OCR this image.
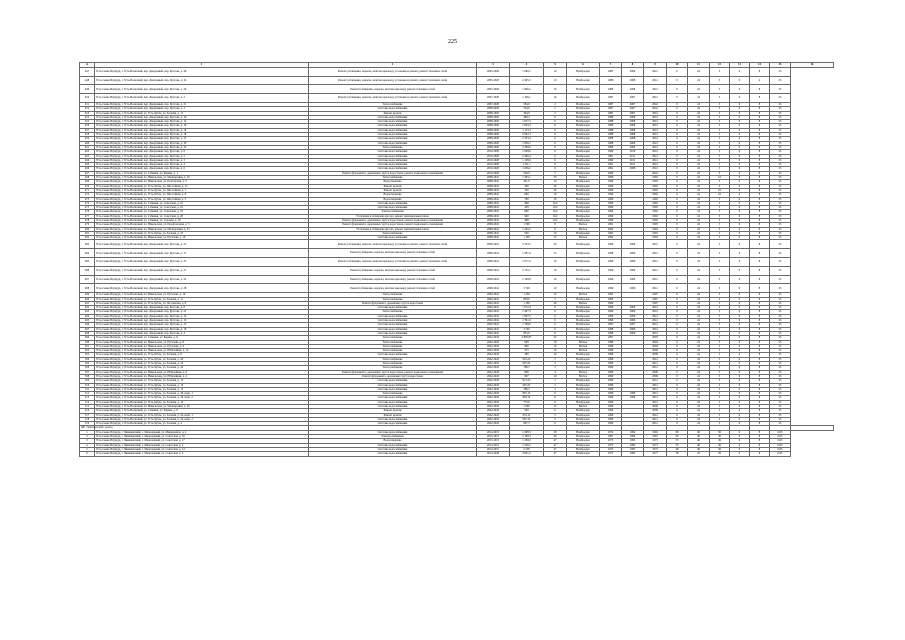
225
A	1	2	3	4	5	6	7	8	9	10	11	12	13	14	15	16
447	Усть-Сыны Изумруд, г. Усть-Волжский, пер. Дворцовый, пер. Кустова, д. 46	Ремонт (облицовка, окраска, монтаж крыльца), установка и ремонт, ремонт тепловых сетей	2005-2020	1 060,1	10	Ноябрь/дек	1985	2006	2041	0	24	3	0	8	25	
448	Усть-Сыны Изумруд, г. Усть-Волжский, пер. Дворцовый, пер. Кустова, д. 24	Ремонт (облицовка, окраска, монтаж крыльца), установка и ремонт, ремонт тепловых сетей	2005-2020	2 495,3	10	Ноябрь/дек	1986	2008	2041	0	24	3	0	4	25	
449	Усть-Сыны Изумруд, г. Усть-Волжский, пер. Дворцовый, пер. Кустова, д. 26	Ремонт (облицовка, окраска, монтаж крыльца), ремонт тепловых сетей	2005-2020	1 996,2	10	Ноябрь/дек	1986	2008	2041	0	24	3	0	8	25	
450	Усть-Сыны Изумруд, г. Усть-Волжский, пер. Дворцовый, пер. Кустова, д. 2	Ремонт (облицовка, окраска, монтаж крыльца), установка и ремонт, ремонт тепловых сетей	2007-2020	1 106,1	10	Ноябрь/дек	1987	2007	2041	0	24	3	0	8	25	
451	Усть-Сыны Изумруд, г. Усть-Волжский, пер. Дворцовый, пер. Кустова, д. 21	Теплоснабжение	2007-2020	584,0	2	Ноябрь/дек	1987	2007	2042	0	24	3	0	8	25	
452	Усть-Сыны Изумруд, г. Усть-Волжский, пер. Дворцовый, пер. Кустова, д. 3	Системы водоснабжения	2008-2020	794,6	3	Ноябрь/дек	1987	2007	2042	0	24	3	0	8	25	
453	Усть-Сыны Изумруд, г. Усть-Волжский, ул. Усть-Хубль, ул. Зеленая, д. 11	Ремонт кровли	2008-2020	364,9	3	Ноябрь/дек	1987	2007	2041	0	24	3	0	8	25	
454	Усть-Сыны Изумруд, г. Усть-Волжский, пер. Дворцовый, пер. Кустова, д. 10	Системы водоснабжения	2008-2020	480,4	6	Ноябрь/дек	1988	2008	2041	0	24	3	0	8	25	
455	Усть-Сыны Изумруд, г. Усть-Волжский, пер. Дворцовый, пер. Кустова, д. 14	Системы водоснабжения	2008-2020	1 057,3	6	Ноябрь/дек	1988	2008	2041	0	24	3	0	8	25	
456	Усть-Сыны Изумруд, г. Усть-Волжский, пер. Дворцовый, пер. Кустова, д. 16	Системы водоснабжения	2008-2020	1 063,2	6	Ноябрь/дек	1989	2008	2041	0	24	3	0	8	25	
457	Усть-Сыны Изумруд, г. Усть-Волжский, пер. Дворцовый, пер. Кустова, д. 14	Системы водоснабжения	2008-2020	1 113,4	6	Ноябрь/дек	1988	2008	2041	0	24	3	0	8	25	
458	Усть-Сыны Изумруд, г. Усть-Волжский, пер. Дворцовый, пер. Кустова, д. 18	Системы водоснабжения	2008-2020	2 092,3	6	Ноябрь/дек	1988	2008	2041	0	24	3	0	8	25	
459	Усть-Сыны Изумруд, г. Усть-Волжский, пер. Дворцовый, пер. Кустова, д. 25	Системы водоснабжения	2008-2020	2 353,4	6	Ноябрь/дек	1988	2008	2041	0	24	3	0	8	25	
460	Усть-Сыны Изумруд, г. Усть-Волжский, пер. Дворцовый, пер. Кустова, д. 30	Системы водоснабжения	2008-2020	1 836,1	6	Ноябрь/дек	1988	2008	2041	0	24	3	0	8	25	
461	Усть-Сыны Изумруд, г. Усть-Волжский, пер. Дворцовый, пер. Кустова, д. 31	Теплоснабжение	2008-2020	2 298,0	6	Ноябрь/дек	1989	2009	2041	0	24	3	0	8	25	
462	Усть-Сыны Изумруд, г. Усть-Волжский, пер. Дворцовый, пер. Кустова, д. 8	Системы водоснабжения	2010-2020	1 008,6	6	Ноябрь/дек	1990	2010	2041	0	24	3	0	8	25	
463	Усть-Сыны Изумруд, г. Усть-Волжский, пер. Дворцовый, пер. Кустова, д. 5	Системы водоснабжения	2010-2020	2 496,4	6	Ноябрь/дек	1991	2011	2041	0	24	3	0	8	25	
464	Усть-Сыны Изумруд, г. Усть-Волжский, пер. Дворцовый, пер. Кустова, д. 3	Системы водоснабжения	2010-2020	1 128,6	6	Ноябрь/дек	1990	2011	2041	0	24	3	0	8	25	
465	Усть-Сыны Изумруд, г. Усть-Волжский, пер. Дворцовый, пер. Кустова, д. 4	Системы водоснабжения	2010-2020	1 311,1	6	Ноябрь/дек	1991	2011	2041	0	24	3	0	8	25	
466	Усть-Сыны Изумруд, г. Усть-Волжский, пер. Дворцовый, пер. Кустова, д. 6	Системы водоснабжения	2010-2020	1 006,2	6	Ноябрь/дек	1991	2008	2041	0	24	3	0	8	25	
467	Усть-Сыны Изумруд, г. Усть-Волжский, ул. Сабинки, ул. Фермы, д. 1	Ремонт фундамента, дренажных труб и водостоков, ремонт подвального помещения	2010-2020	526,0	3	Ноябрь/дек	1990		2042	0	24	3	0	8	25	
468	Усть-Сыны Изумруд, г. Усть-Волжский, пл. Никольская, ул. Мелиорации, д. 19	Теплоснабжение	2008-2041	1 305,1	33	Ветхое	1990		1992	0	24	16	0	8	25	
469	Усть-Сыны Изумруд, г. Усть-Волжский, пл. Никольская, ул. Полтавская, д. 3	Водоотведение	2008-2041	451,0	10	Ноябрь/дек	1990		1992	0	24	3	0	8	25	
470	Усть-Сыны Изумруд, г. Усть-Волжский, ул. Усть-Хубль, ул. Шоссейная, д. 12	Ремонт кровли	2008-2041	560	20	Ноябрь/дек	1990		1992	0	24	3	0	8	25	
471	Усть-Сыны Изумруд, г. Усть-Волжский, ул. Усть-Хубль, ул. Шоссейная, д. 7	Ремонт кровли	2008-2041	700	20	Ноябрь/дек	1990		1992	0	24	16	0	8	25	
472	Усть-Сыны Изумруд, г. Усть-Волжский, ул. Усть-Хубль, ул. Шоссейная, д. 8	Водоотведение	2008-2041	660	10	Ноябрь/дек	1990		1992	0	24	16	0	8	25	
473	Усть-Сыны Изумруд, г. Усть-Волжский, ул. Усть-Хубль, ул. Шоссейная, д. 5	Водоотведение	2008-2041	780	10	Ноябрь/дек	1990		1992	0	24	3	0	8	25	
474	Усть-Сыны Изумруд, г. Усть-Волжский, ул. Сабинки, ул. Советская, д. 10	Системы водоснабжения	2008-2041	498	10,2	Ноябрь/дек	1990		1992	0	24	3	0	8	25	
475	Усть-Сыны Изумруд, г. Усть-Волжский, ул. Сабинки, ул. Советская, д. 16	Системы водоснабжения	2008-2041	458	10,2	Ноябрь/дек	1990		1992	0	24	3	0	8	25	
476	Усть-Сыны Изумруд, г. Усть-Волжский, ул. Сабинки, ул. Советская, д. 18	Электроснабжение	2008-2041	680	10,2	Ноябрь/дек	1990		1992	0	24	3	0	8	25	
477	Усть-Сыны Изумруд, г. Усть-Волжский, ул. Сабинки, ул. Советская, д. 20	Утепление и облицовка фасада, ремонт межпанельных швов	2008-2041	940	10,2	Ноябрь/дек	1990		1992	0	24	3	0	8	25	
478	Усть-Сыны Изумруд, г. Усть-Волжский, ул. Сабинки, ул. Садовая, д. 10	Ремонт фундамента, дренажных труб и водостоков, ремонт подвального помещения	2008-2041	488	10,2	Ноябрь/дек	1990		1992	0	24	3	0	8	25	
479	Усть-Сыны Изумруд, г. Усть-Волжский, пл. Никольская, ул. Профсоюзная, д. 5	Ремонт фундамента, дренажных труб и водостоков, ремонт подвального помещения	2008-2041	1 300	8	Ветхое	1991		1993	0	24	3	0	8	25	
480	Усть-Сыны Изумруд, г. Усть-Волжский, пл. Никольская, ул. Мелиорации, д. 23	Утепление и облицовка фасада, ремонт межпанельных швов	2008-2041	1 245,5	8	Ветхое	1992		1993	0	24	3	0	8	25	
481	Усть-Сыны Изумруд, г. Усть-Волжский, ул. Усть-Хубль, ул. Зеленая, д. 25	Теплоснабжение	2008-2041	500	10	Ноябрь/дек	1992		1993	0	24	3	0	8	25	
482	Усть-Сыны Изумруд, г. Усть-Волжский, пл. Никольская, ул. Пугачева, д. 19	Системы водоснабжения	2008-2041	1 100	13	Ветхое	1992		1994	0	24	3	0	8	25	
483	Усть-Сыны Изумруд, г. Усть-Волжский, пер. Дворцовый, пер. Кустова, д. 25	Ремонт (облицовка, окраска, монтаж крыльца), установка и ремонт, ремонт тепловых сетей	2008-2041	3 763,5	20	Ноябрь/дек	1999	2006	2041	0	24	3	0	8	25	
484	Усть-Сыны Изумруд, г. Усть-Волжский, пер. Дворцовый, пер. Кустова, д. 17	Ремонт (облицовка, окраска, монтаж крыльца), ремонт тепловых сетей	2008-2041	1 087,4	15	Ноябрь/дек	1998	2006	2041	0	24	3	0	8	25	
485	Усть-Сыны Изумруд, г. Усть-Волжский, пер. Дворцовый, пер. Кустова, д. 23	Ремонт (облицовка, окраска, монтаж крыльца), установка и ремонт, ремонт тепловых сетей	2008-2041	1 077,4	10	Ноябрь/дек	1999	2006	2041	0	24	3	0	8	25	
486	Усть-Сыны Изумруд, г. Усть-Волжский, пер. Дворцовый, пер. Кустова, д. 21	Ремонт (облицовка, окраска, монтаж крыльца), ремонт тепловых сетей	2008-2041	2 152,1	10	Ноябрь/дек	1999	2006	2041	0	24	3	0	8	25	
487	Усть-Сыны Изумруд, г. Усть-Волжский, пер. Дворцовый, пер. Кустова, д. 22	Ремонт (облицовка, окраска, монтаж крыльца), ремонт тепловых сетей	2008-2041	2 198,8	10	Ноябрь/дек	1999	2006	2041	0	24	3	0	8	25	
488	Усть-Сыны Изумруд, г. Усть-Волжский, пер. Дворцовый, пер. Кустова, д. 28	Ремонт (облицовка, окраска, монтаж крыльца), ремонт тепловых сетей	2008-2041	3 748	10	Ноябрь/дек	1999	2006	2041	0	24	3	0	8	25	
489	Усть-Сыны Изумруд, г. Усть-Волжский, пл. Никольская, ул. Пугачева, д. 10	Теплоснабжение	2040-2041	1 230	10	Ветхое	1995		1997	0	24	3	0	8	25	
490	Усть-Сыны Изумруд, г. Усть-Волжский, ул. Усть-Хубль, ул. Зеленая, д. 11	Теплоснабжение	2040-2041	830,0	3	Ноябрь/дек	1995		1997	0	24	3	0	8	25	
491	Усть-Сыны Изумруд, г. Усть-Волжский, ул. Усть-Хубль, ул. Полтавская, д. 8	Ремонт фундамента, дренажных труб и водостоков	2040-2041	1 160	20	Ветхое	1996		1997	0	24	3	0	8	25	
492	Усть-Сыны Изумруд, г. Усть-Волжский, пер. Дворцовый, пер. Кустова, д. 8	Системы водоснабжения	2040-2041	1 072,4	6	Ноябрь/дек	1996	2006	2041	0	24	3	0	8	25	
493	Усть-Сыны Изумруд, г. Усть-Волжский, пер. Дворцовый, пер. Кустова, д. 21	Теплоснабжение	2040-2041	1 297,3	6	Ноябрь/дек	1996	2006	2041	0	24	3	0	8	25	
494	Усть-Сыны Изумруд, г. Усть-Волжский, пер. Дворцовый, пер. Кустова, д. 12	Системы водоснабжения	2040-2041	1 097,5	6	Ноябрь/дек	1996	2006	2041	0	24	3	0	8	25	
495	Усть-Сыны Изумруд, г. Усть-Волжский, пер. Дворцовый, пер. Кустова, д. 13	Системы водоснабжения	2040-2041	2 391,6	6	Ноябрь/дек	1996	2006	2041	0	24	3	0	8	25	
496	Усть-Сыны Изумруд, г. Усть-Волжский, пер. Дворцовый, пер. Кустова, д. 15	Системы водоснабжения	2040-2041	1 798,0	6	Ноябрь/дек	1997	2007	2041	0	24	3	0	8	25	
497	Усть-Сыны Изумруд, г. Усть-Волжский, пер. Дворцовый, пер. Кустова, д. 19	Системы водоснабжения	2040-2041	3 746	6	Ноябрь/дек	1998	2006	2041	0	24	3	0	8	25	
498	Усть-Сыны Изумруд, г. Усть-Волжский, пер. Дворцовый, пер. Кустова, д. 4	Системы водоснабжения	2040-2041	835,0	6	Ноябрь/дек	1998	2006	2041	0	24	3	0	8	25	
499	Усть-Сыны Изумруд, г. Усть-Волжский, ул. Сабинки, ул. Фермы, д. 6	Теплоснабжение	2042-2043	2 895,87	23	Ноябрь/дек	1997		2003	0	24	3	0	8	25	
500	Усть-Сыны Изумруд, г. Усть-Волжский, пл. Никольская, ул. Пугачева, д. 8	Теплоснабжение	2042-2043	998	10	Ветхое	1998		2004	0	24	3	0	8	25	
501	Усть-Сыны Изумруд, г. Усть-Волжский, пл. Никольская, ул. Пугачева, д. 9	Теплоснабжение	2042-2043	996	10	Ветхое	1998		2004	0	24	3	0	8	25	
502	Усть-Сыны Изумруд, г. Усть-Волжский, пл. Никольская, ул. Юбилейная, д. 12	Теплоснабжение	2042-2043	975	10	Ветхое	1998		2006	0	24	3	0	8	25	
503	Усть-Сыны Изумруд, г. Усть-Волжский, ул. Усть-Хубль, ул. Зеленая, д. 8	Системы водоснабжения	2042-2043	580	10	Ноябрь/дек	1998		2006	0	24	3	0	8	25	
504	Усть-Сыны Изумруд, г. Усть-Волжский, ул. Усть-Хубль, ул. Зеленая, д. 20	Теплоснабжение	2042-2043	916,23	3	Ноябрь/дек	1999		2012	0	24	3	0	8	25	
505	Усть-Сыны Изумруд, г. Усть-Волжский, ул. Усть-Хубль, ул. Зеленая, д. 22	Теплоснабжение	2042-2043	697,25	3	Ноябрь/дек	1999		2012	0	24	3	0	8	25	
506	Усть-Сыны Изумруд, г. Усть-Волжский, ул. Усть-Хубль, ул. Зеленая, д. 24	Теплоснабжение	2042-2043	786,5	3	Ноябрь/дек	1999		2012	0	24	3	0	8	25	
507	Усть-Сыны Изумруд, г. Усть-Волжский, пл. Никольская, ул. Юбилейная, д. 6	Ремонт фундамента, дренажных труб и водостоков, ремонт подвального помещения	2042-2043	996	4	Ветхое	1999		2006	0	24	3	0	8	25	
508	Усть-Сыны Изумруд, г. Усть-Волжский, пл. Никольская, ул. Юбилейная, д. 4	Ремонт фундамента, дренажных труб и водостоков	2042-2043	997	10	Ветхое	1999		2006	0	24	3	0	8	25	
509	Усть-Сыны Изумруд, г. Усть-Волжский, ул. Усть-Хубль, ул. Зеленая, д. 12	Системы водоснабжения	2042-2043	913,23	3	Ноябрь/дек	1999		2012	0	24	3	0	8	25	
510	Усть-Сыны Изумруд, г. Усть-Волжский, ул. Усть-Хубль, ул. Зеленая, д. 14	Системы водоснабжения	2042-2043	697,25	3	Ноябрь/дек	1999		2012	0	24	3	0	8	25	
511	Усть-Сыны Изумруд, г. Усть-Волжский, ул. Усть-Хубль, ул. Зеленая, д. 15	Системы водоснабжения	2042-2043	786,5	3	Ноябрь/дек	1999		2012	0	24	3	0	8	25	
512	Усть-Сыны Изумруд, г. Усть-Волжский, ул. Усть-Хубль, ул. Зеленая, д. 20, корп. 1	Теплоснабжение	2042-2043	897,15	6	Ноябрь/дек	1999	1999	2012	0	24	3	0	8	25	
513	Усть-Сыны Изумруд, г. Усть-Волжский, ул. Усть-Хубль, ул. Зеленая, д. 20, корп. 2	Системы водоснабжения	2042-2043	883,12	6	Ноябрь/дек	1999	1999	2012	0	24	3	0	8	25	
514	Усть-Сыны Изумруд, г. Усть-Волжский, ул. Усть-Хубль, ул. Зеленая, д. 16	Системы водоснабжения	2042-2043	773,6	6	Ноябрь/дек	1999		2012	0	24	3	0	8	25	
515	Усть-Сыны Изумруд, г. Усть-Волжский, пл. Никольская, ул. Мелиорации, д. 29	Системы водоснабжения	2042-2043	1 090	13	Ветхое	1999		2006	0	24	3	0	8	25	
516	Усть-Сыны Изумруд, г. Усть-Волжский, ул. Сабинки, ул. Фермы, д. 8	Ремонт кровли	2042-2043	500	6	Ноябрь/дек	1999		2006	0	24	3	0	8	25	
517	Усть-Сыны Изумруд, г. Усть-Волжский, ул. Усть-Хубль, ул. Зеленая, д. 24, корп. 1	Ремонт кровли	2042-2043	653,12	3	Ноябрь/дек	1999		2012	0	24	3	0	8	25	
518	Усть-Сыны Изумруд, г. Усть-Волжский, ул. Усть-Хубль, ул. Зеленая, д. 24, корп. 2	Системы водоснабжения	2042-2043	697,15	3	Ноябрь/дек	1999		2012	0	24	3	0	8	25	
519	Усть-Сыны Изумруд, г. Усть-Волжский, ул. Усть-Хубль, ул. Зеленая, д. 4	Системы водоснабжения	2042-2043	697,3	6	Ноябрь/дек	1999		2012	0	24	3	0	8	25	
МР «Чикишевский» муниц.																
1	Усть-Сыны Изумруд, г. Чикишевский, с. Межозерный, ул. Микрорайон, д. 2	Системы водоснабжения	2014-2015	1 208,3	18	Ноябрь/дек	1974	1994	1994	68	40	36	0	8	0,65	
2	Усть-Сыны Изумруд, г. Чикишевский, с. Межозерный, ул. Советская, д. 16	Электроснабжение	2015-2015	2 198,3	40	Ноябрь/дек	1967	1994	1967	60	40	36	0	8	0,65	
3	Усть-Сыны Изумруд, г. Чикишевский, с. Межозерный, ул. Советская, д. 17	Водоотведение	2015-2015	1 336,0	47	Ноябрь/дек	1973	1995	1973	55	40	36	0	8	0,65	
4	Усть-Сыны Изумруд, г. Чикишевский, с. Межозерный, ул. Советская, д. 2	Системы водоснабжения	2014-2015	1 236,5	47	Ноябрь/дек	1973	1995	1973	55	40	36	0	8	0,65	
5	Усть-Сыны Изумруд, г. Чикишевский, с. Межозерный, ул. Советская, д. 14	Системы водоснабжения	2014-2015	2 238	47	Ноябрь/дек	1975	1995	1975	48	40	36	0	8	0,65	
6	Усть-Сыны Изумруд, г. Чикишевский, с. Межозерный, ул. Советская, д. 2	Системы водоснабжения	2014-2046	4 061,2	47	Ноябрь/дек	1977	1993	1977	58	22	29	0	8	0,65	
